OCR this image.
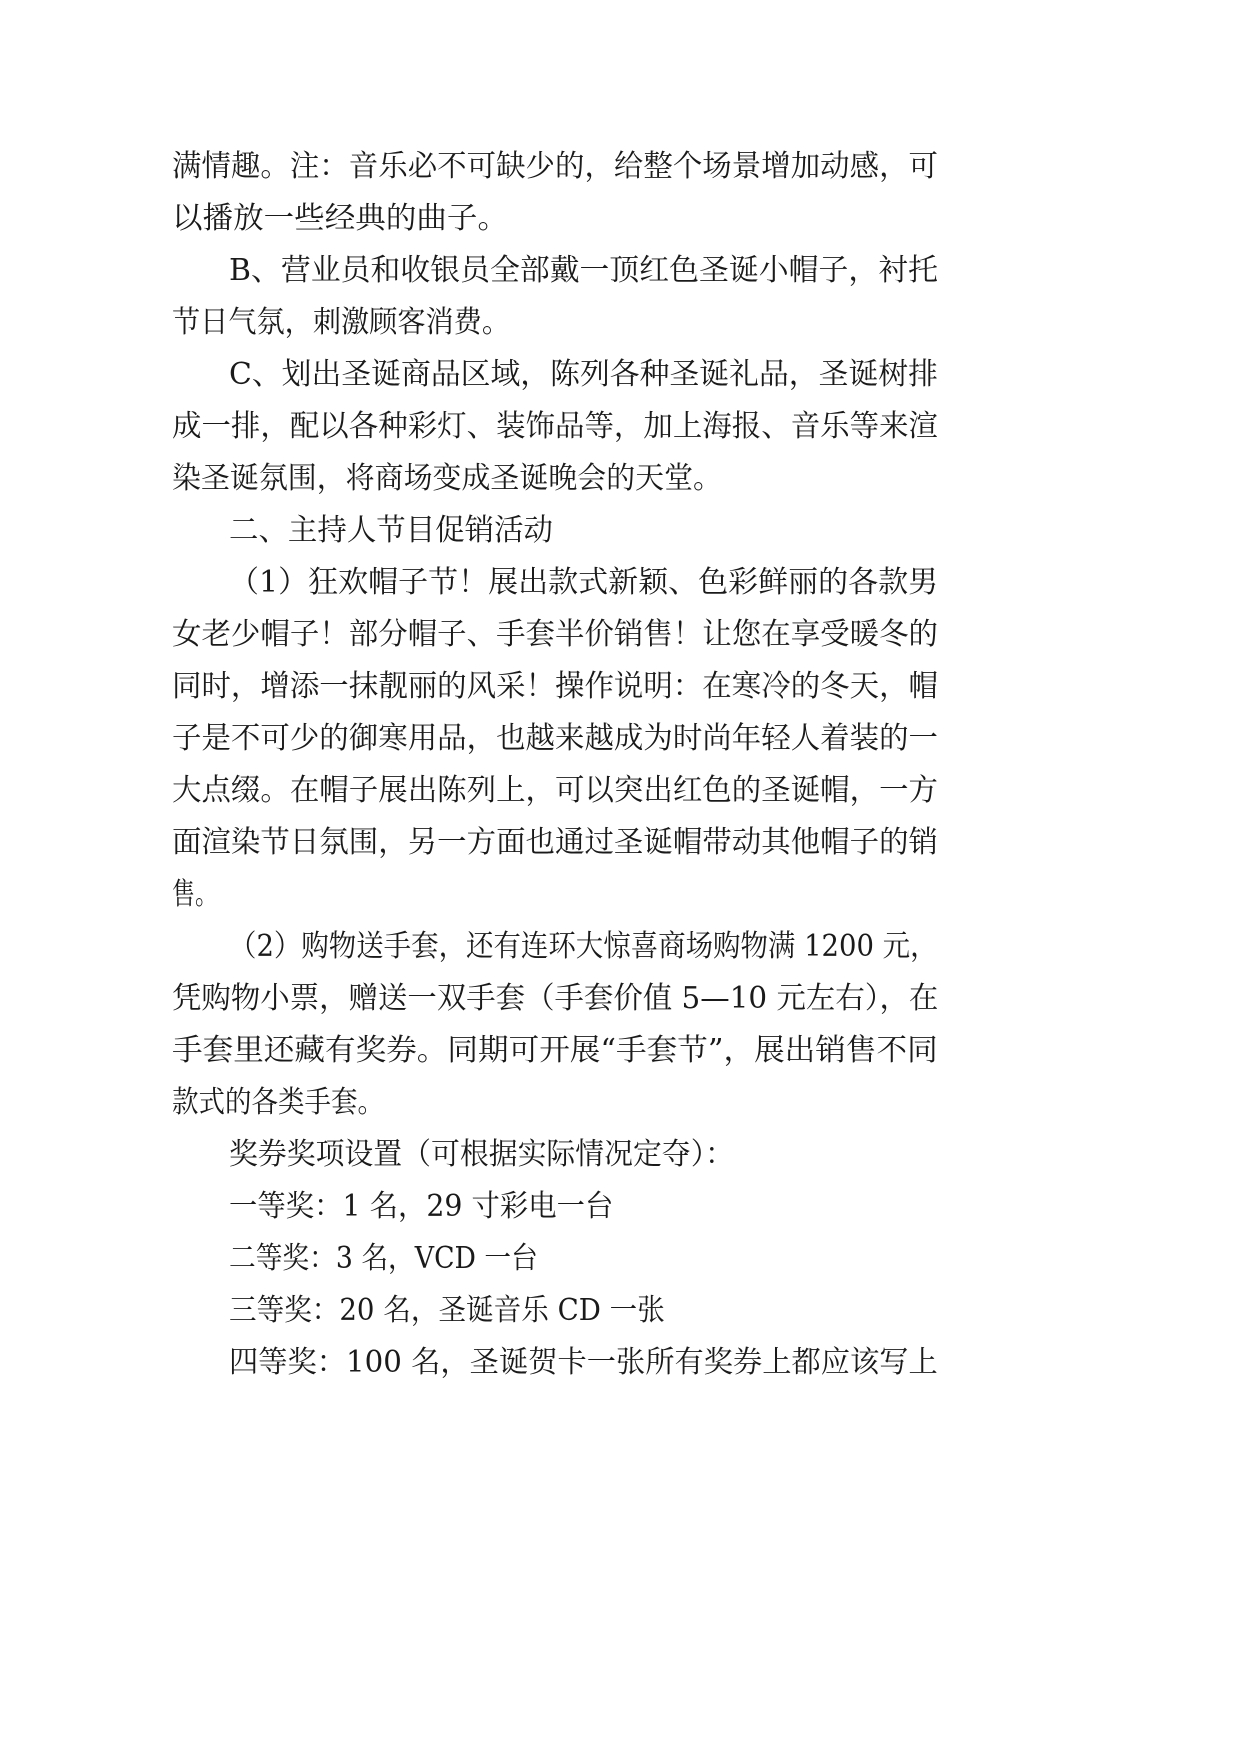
满情趣。注：音乐必不可缺少的，给整个场景增加动感，可
以播放一些经典的曲子。
B、营业员和收银员全部戴一顶红色圣诞小帽子，衬托
节日气氛，刺激顾客消费。
C、划出圣诞商品区域，陈列各种圣诞礼品，圣诞树排
成一排，配以各种彩灯、装饰品等，加上海报、音乐等来渲
染圣诞氛围，将商场变成圣诞晚会的天堂。
二、主持人节目促销活动
（1）狂欢帽子节！展出款式新颖、色彩鲜丽的各款男
女老少帽子！部分帽子、手套半价销售！让您在享受暖冬的
同时，增添一抹靓丽的风采！操作说明：在寒冷的冬天，帽
子是不可少的御寒用品，也越来越成为时尚年轻人着装的一
大点缀。在帽子展出陈列上，可以突出红色的圣诞帽，一方
面渲染节日氛围，另一方面也通过圣诞帽带动其他帽子的销
售。
（2）购物送手套，还有连环大惊喜商场购物满 1200 元，
凭购物小票，赠送一双手套（手套价值 5—10 元左右），在
手套里还藏有奖券。同期可开展“手套节”，展出销售不同
款式的各类手套。
奖券奖项设置（可根据实际情况定夺）：
一等奖：1 名，29 寸彩电一台
二等奖：3 名，VCD 一台
三等奖：20 名，圣诞音乐 CD 一张
四等奖：100 名，圣诞贺卡一张所有奖券上都应该写上
